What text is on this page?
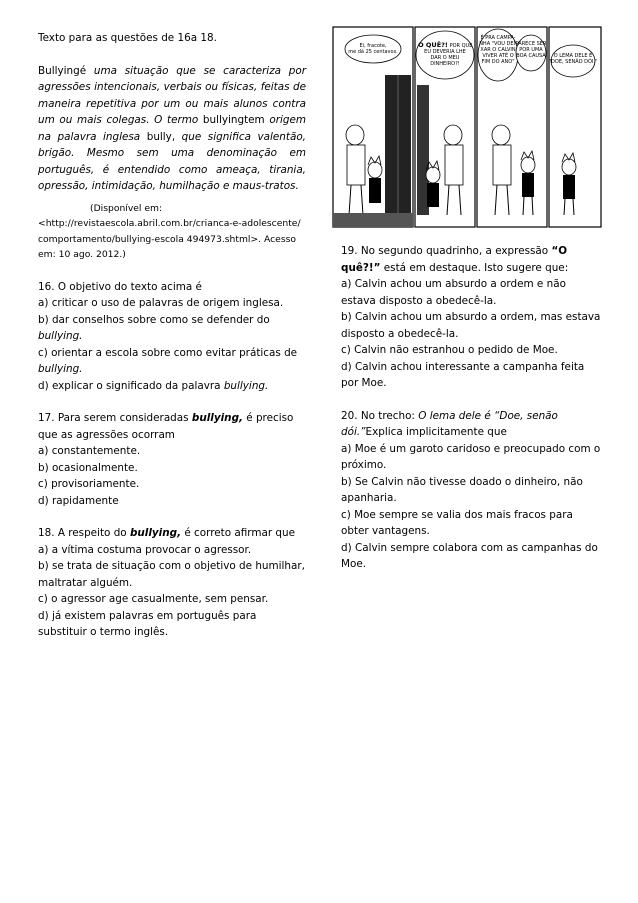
Texto para as questões de 16a 18.

Bullyingé uma situação que se caracteriza por agressões intencionais, verbais ou físicas, feitas de maneira repetitiva por um ou mais alunos contra um ou mais colegas. O termo bullyingtem origem na palavra inglesa bully, que significa valentão, brigão. Mesmo sem uma denominação em português, é entendido como ameaça, tirania, opressão, intimidação, humilhação e maus-tratos.

(Disponível em:

<http://revistaescola.abril.com.br/crianca-e-adolescente/ comportamento/bullying-escola 494973.shtml>. Acesso em: 10 ago. 2012.)

16. O objetivo do texto acima é

a) criticar o uso de palavras de origem inglesa.

b) dar conselhos sobre como se defender do bullying.

c) orientar a escola sobre como evitar práticas de bullying.

d) explicar o significado da palavra bullying.

17. Para serem consideradas bullying, é preciso que as agressões ocorram

a) constantemente.

b) ocasionalmente.

c) provisoriamente.

d) rapidamente

18. A respeito do bullying, é correto afirmar que

a) a vítima costuma provocar o agressor.

b) se trata de situação com o objetivo de humilhar, maltratar alguém.

c) o agressor age casualmente, sem pensar.

d) já existem palavras em português para substituir o termo inglês.

Ei, fracote, me dá 25 centavos.
O QUÊ?! POR QUE EU DEVERIA LHE DAR O MEU DINHEIRO?!
É PRA CAMPA-NHA "VOU DEI-XAR O CALVIN VIVER ATÉ O FIM DO ANO"
PARECE SER POR UMA BOA CAUSA	O LEMA DELE É "DOE, SENÃO DÓI."

19. No segundo quadrinho, a expressão “O quê?!” está em destaque. Isto sugere que:

a) Calvin achou um absurdo a ordem e não estava disposto a obedecê-la.

b) Calvin achou um absurdo a ordem, mas estava disposto a obedecê-la.

c) Calvin não estranhou o pedido de Moe.

d) Calvin achou interessante a campanha feita por Moe.

20. No trecho: O lema dele é “Doe, senão dói.”Explica implicitamente que

a) Moe é um garoto caridoso e preocupado com o próximo.

b) Se Calvin não tivesse doado o dinheiro, não apanharia.

c) Moe sempre se valia dos mais fracos para obter vantagens.

d) Calvin sempre colabora com as campanhas do Moe.
